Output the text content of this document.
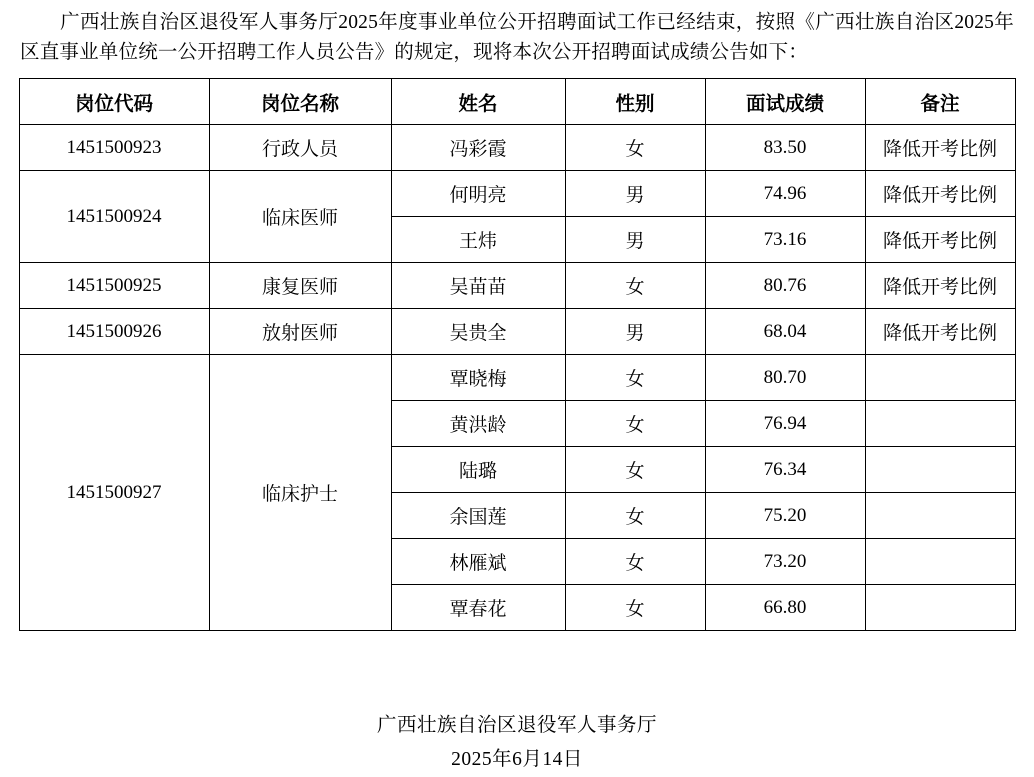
广西壮族自治区退役军人事务厅2025年度事业单位公开招聘面试工作已经结束，按照《广西壮族自治区2025年区直事业单位统一公开招聘工作人员公告》的规定，现将本次公开招聘面试成绩公告如下：

岗位代码	岗位名称	姓名	性别	面试成绩	备注
1451500923	行政人员	冯彩霞	女	83.50	降低开考比例
1451500924	临床医师	何明亮	男	74.96	降低开考比例
		王炜	男	73.16	降低开考比例
1451500925	康复医师	吴苗苗	女	80.76	降低开考比例
1451500926	放射医师	吴贵全	男	68.04	降低开考比例
1451500927	临床护士	覃晓梅	女	80.70	
		黄洪龄	女	76.94	
		陆璐	女	76.34	
		余国莲	女	75.20	
		林雁斌	女	73.20	
		覃春花	女	66.80	
广西壮族自治区退役军人事务厅
2025年6月14日
